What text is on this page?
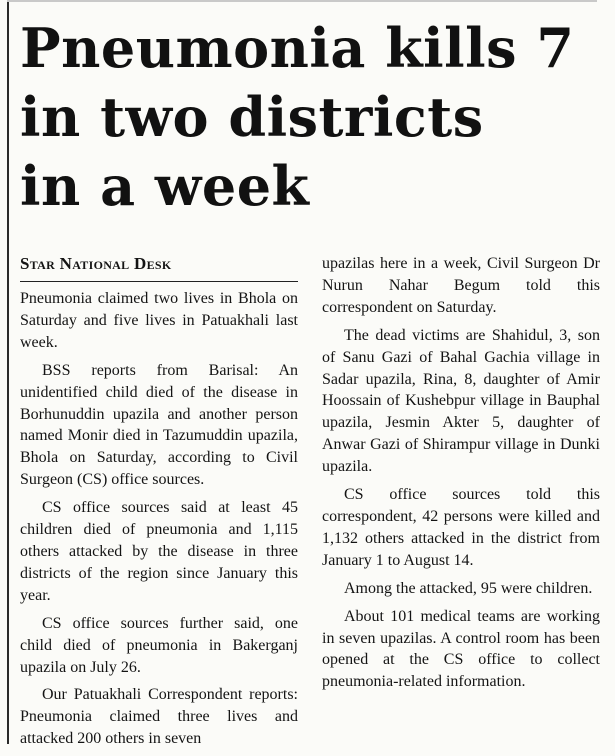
Pneumonia kills 7
in two districts
in a week
Star National Desk

Pneumonia claimed two lives in Bhola on Saturday and five lives in Patuakhali last week.

BSS reports from Barisal: An unidentified child died of the disease in Borhunuddin upazila and another person named Monir died in Tazumuddin upazila, Bhola on Saturday, according to Civil Surgeon (CS) office sources.

CS office sources said at least 45 children died of pneumonia and 1,115 others attacked by the disease in three districts of the region since January this year.

CS office sources further said, one child died of pneumonia in Bakerganj upazila on July 26.

Our Patuakhali Correspondent reports: Pneumonia claimed three lives and attacked 200 others in seven

upazilas here in a week, Civil Surgeon Dr Nurun Nahar Begum told this correspondent on Saturday.

The dead victims are Shahidul, 3, son of Sanu Gazi of Bahal Gachia village in Sadar upazila, Rina, 8, daughter of Amir Hoossain of Kushebpur village in Bauphal upazila, Jesmin Akter 5, daughter of Anwar Gazi of Shirampur village in Dunki upazila.

CS office sources told this correspondent, 42 persons were killed and 1,132 others attacked in the district from January 1 to August 14.

Among the attacked, 95 were children.

About 101 medical teams are working in seven upazilas. A control room has been opened at the CS office to collect pneumonia-related information.
